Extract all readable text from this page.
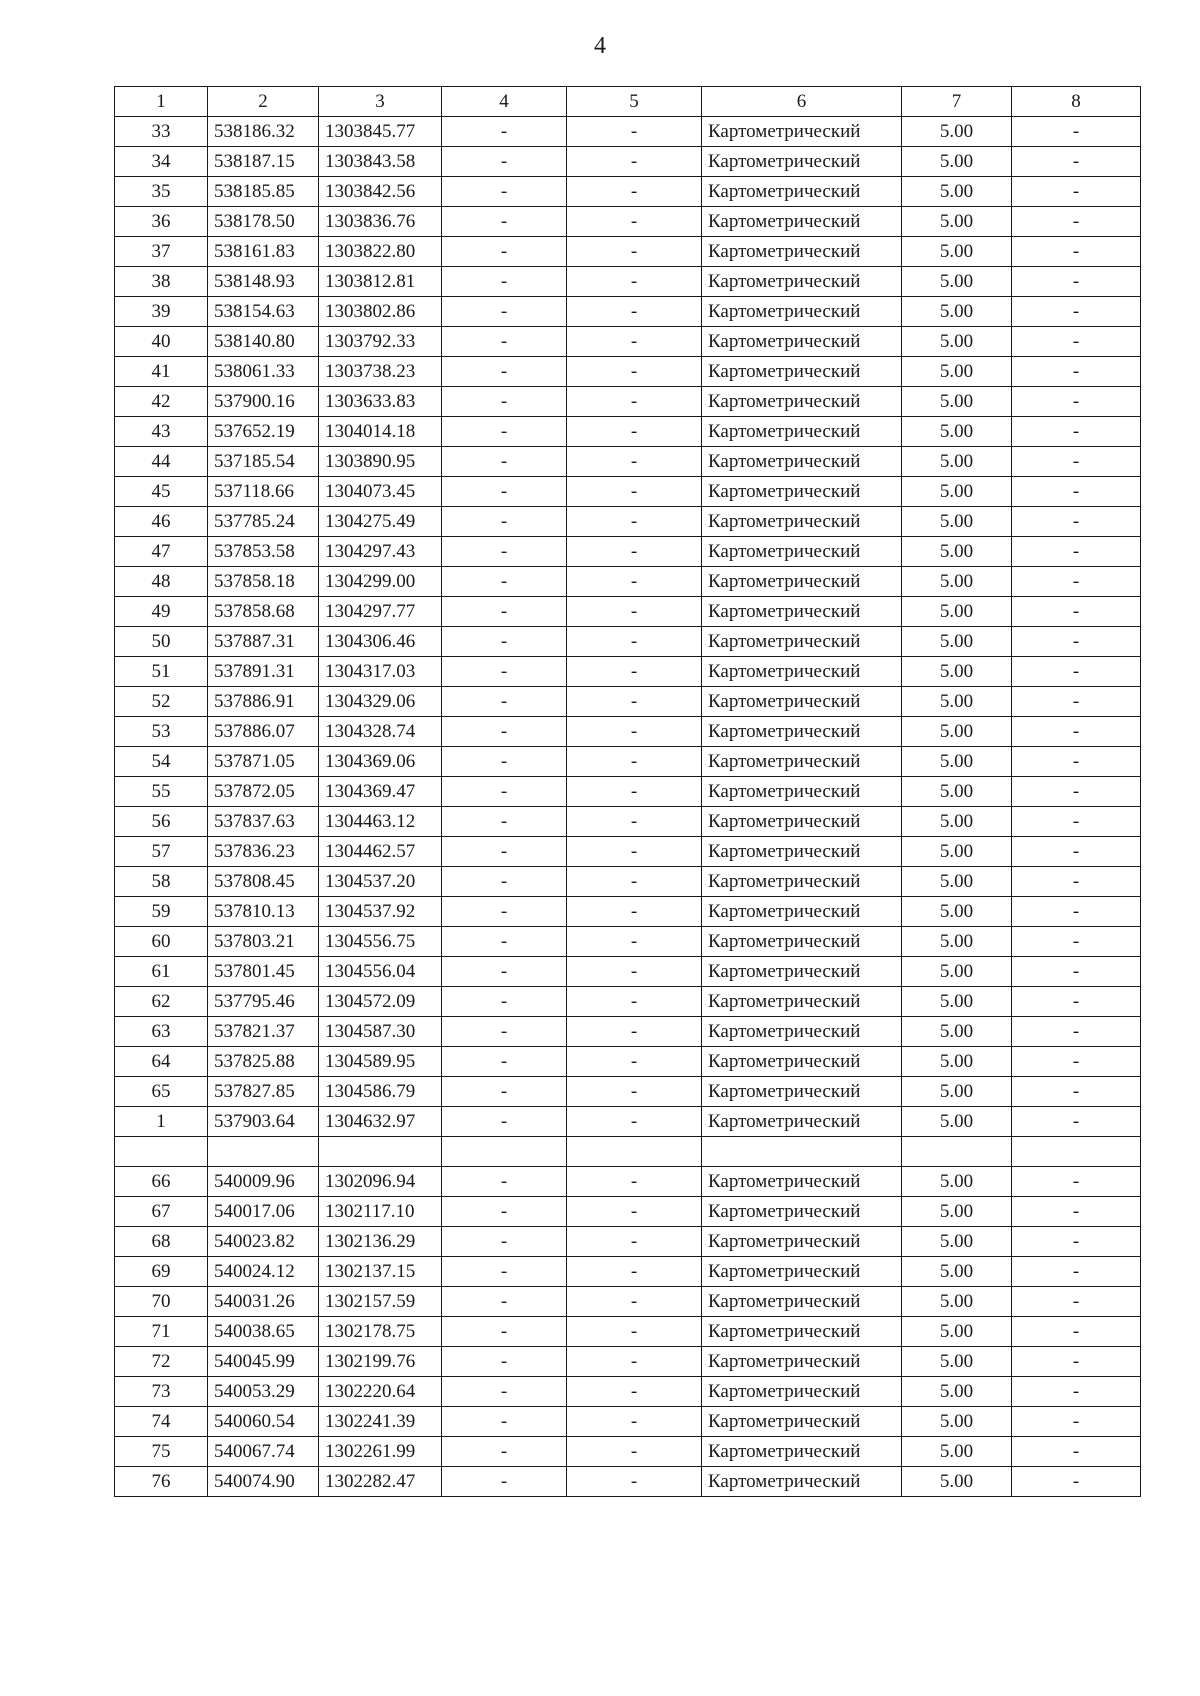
4
1	2	3	4	5	6	7	8
33	538186.32	1303845.77	-	-	Картометрический	5.00	-
34	538187.15	1303843.58	-	-	Картометрический	5.00	-
35	538185.85	1303842.56	-	-	Картометрический	5.00	-
36	538178.50	1303836.76	-	-	Картометрический	5.00	-
37	538161.83	1303822.80	-	-	Картометрический	5.00	-
38	538148.93	1303812.81	-	-	Картометрический	5.00	-
39	538154.63	1303802.86	-	-	Картометрический	5.00	-
40	538140.80	1303792.33	-	-	Картометрический	5.00	-
41	538061.33	1303738.23	-	-	Картометрический	5.00	-
42	537900.16	1303633.83	-	-	Картометрический	5.00	-
43	537652.19	1304014.18	-	-	Картометрический	5.00	-
44	537185.54	1303890.95	-	-	Картометрический	5.00	-
45	537118.66	1304073.45	-	-	Картометрический	5.00	-
46	537785.24	1304275.49	-	-	Картометрический	5.00	-
47	537853.58	1304297.43	-	-	Картометрический	5.00	-
48	537858.18	1304299.00	-	-	Картометрический	5.00	-
49	537858.68	1304297.77	-	-	Картометрический	5.00	-
50	537887.31	1304306.46	-	-	Картометрический	5.00	-
51	537891.31	1304317.03	-	-	Картометрический	5.00	-
52	537886.91	1304329.06	-	-	Картометрический	5.00	-
53	537886.07	1304328.74	-	-	Картометрический	5.00	-
54	537871.05	1304369.06	-	-	Картометрический	5.00	-
55	537872.05	1304369.47	-	-	Картометрический	5.00	-
56	537837.63	1304463.12	-	-	Картометрический	5.00	-
57	537836.23	1304462.57	-	-	Картометрический	5.00	-
58	537808.45	1304537.20	-	-	Картометрический	5.00	-
59	537810.13	1304537.92	-	-	Картометрический	5.00	-
60	537803.21	1304556.75	-	-	Картометрический	5.00	-
61	537801.45	1304556.04	-	-	Картометрический	5.00	-
62	537795.46	1304572.09	-	-	Картометрический	5.00	-
63	537821.37	1304587.30	-	-	Картометрический	5.00	-
64	537825.88	1304589.95	-	-	Картометрический	5.00	-
65	537827.85	1304586.79	-	-	Картометрический	5.00	-
1	537903.64	1304632.97	-	-	Картометрический	5.00	-

66	540009.96	1302096.94	-	-	Картометрический	5.00	-
67	540017.06	1302117.10	-	-	Картометрический	5.00	-
68	540023.82	1302136.29	-	-	Картометрический	5.00	-
69	540024.12	1302137.15	-	-	Картометрический	5.00	-
70	540031.26	1302157.59	-	-	Картометрический	5.00	-
71	540038.65	1302178.75	-	-	Картометрический	5.00	-
72	540045.99	1302199.76	-	-	Картометрический	5.00	-
73	540053.29	1302220.64	-	-	Картометрический	5.00	-
74	540060.54	1302241.39	-	-	Картометрический	5.00	-
75	540067.74	1302261.99	-	-	Картометрический	5.00	-
76	540074.90	1302282.47	-	-	Картометрический	5.00	-
